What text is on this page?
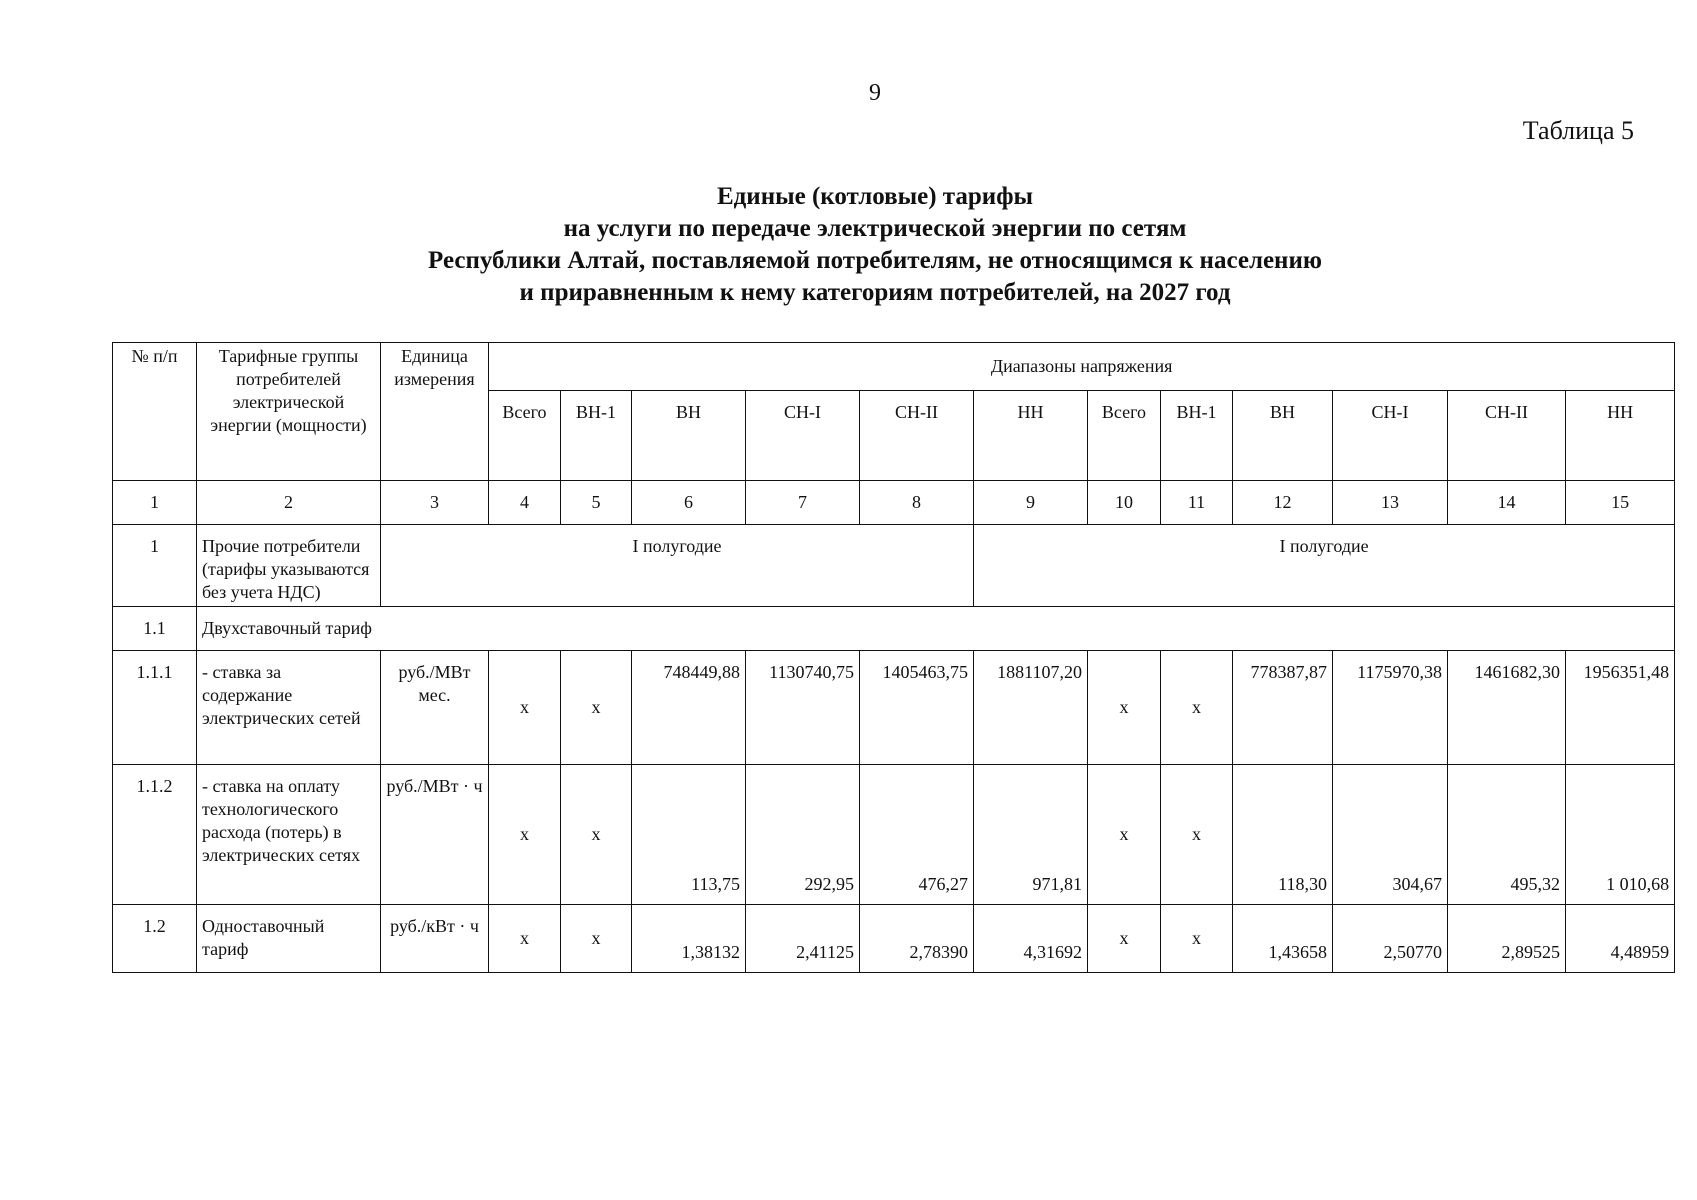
9
Таблица 5
Единые (котловые) тарифы
на услуги по передаче электрической энергии по сетям
Республики Алтай, поставляемой потребителям, не относящимся к населению
и приравненным к нему категориям потребителей, на 2027 год
№ п/п	Тарифные группы потребителей электрической энергии (мощности)	Единица измерения	Диапазоны напряжения											
			Всего	ВН-1	ВН	СН-I	СН-II	НН	Всего	ВН-1	ВН	СН-I	СН-II	НН
1	2	3	4	5	6	7	8	9	10	11	12	13	14	15
1	Прочие потребители (тарифы указываются без учета НДС)	I полугодие						I полугодие						
1.1	Двухставочный тариф													
1.1.1	- ставка за содержание электрических сетей	руб./МВт мес.	х	х	748449,88	1130740,75	1405463,75	1881107,20	х	х	778387,87	1175970,38	1461682,30	1956351,48
1.1.2	- ставка на оплату технологического расхода (потерь) в электрических сетях	руб./МВт · ч	х	х	113,75	292,95	476,27	971,81	х	х	118,30	304,67	495,32	1 010,68
1.2	Одноставочный тариф	руб./кВт · ч	х	х	1,38132	2,41125	2,78390	4,31692	х	х	1,43658	2,50770	2,89525	4,48959
